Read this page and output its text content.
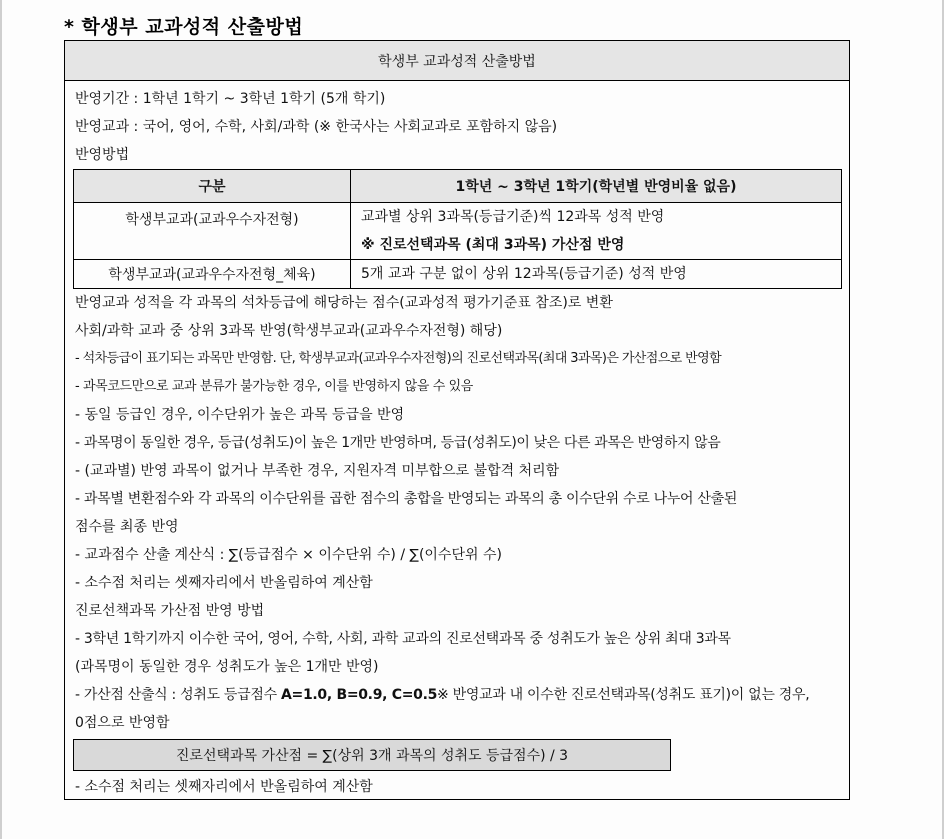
* 학생부 교과성적 산출방법
학생부 교과성적 산출방법
반영기간 : 1학년 1학기 ~ 3학년 1학기 (5개 학기)
반영교과 : 국어, 영어, 수학, 사회/과학 (※ 한국사는 사회교과로 포함하지 않음)
반영방법
구분	1학년 ~ 3학년 1학기(학년별 반영비율 없음)
학생부교과(교과우수자전형)	교과별 상위 3과목(등급기준)씩 12과목 성적 반영
※ 진로선택과목 (최대 3과목) 가산점 반영

학생부교과(교과우수자전형_체육)	5개 교과 구분 없이 상위 12과목(등급기준) 성적 반영
반영교과 성적을 각 과목의 석차등급에 해당하는 점수(교과성적 평가기준표 참조)로 변환
사회/과학 교과 중 상위 3과목 반영(학생부교과(교과우수자전형) 해당)
- 석차등급이 표기되는 과목만 반영함. 단, 학생부교과(교과우수자전형)의 진로선택과목(최대 3과목)은 가산점으로 반영함
- 과목코드만으로 교과 분류가 불가능한 경우, 이를 반영하지 않을 수 있음
- 동일 등급인 경우, 이수단위가 높은 과목 등급을 반영
- 과목명이 동일한 경우, 등급(성취도)이 높은 1개만 반영하며, 등급(성취도)이 낮은 다른 과목은 반영하지 않음
- (교과별) 반영 과목이 없거나 부족한 경우, 지원자격 미부합으로 불합격 처리함
- 과목별 변환점수와 각 과목의 이수단위를 곱한 점수의 총합을 반영되는 과목의 총 이수단위 수로 나누어 산출된
점수를 최종 반영
- 교과점수 산출 계산식 : ∑(등급점수 × 이수단위 수) / ∑(이수단위 수)
- 소수점 처리는 셋째자리에서 반올림하여 계산함
진로선책과목 가산점 반영 방법
- 3학년 1학기까지 이수한 국어, 영어, 수학, 사회, 과학 교과의 진로선택과목 중 성취도가 높은 상위 최대 3과목
(과목명이 동일한 경우 성취도가 높은 1개만 반영)
- 가산점 산출식 : 성취도 등급점수 A=1.0, B=0.9, C=0.5※ 반영교과 내 이수한 진로선택과목(성취도 표기)이 없는 경우,
0점으로 반영함
진로선택과목 가산점 = ∑(상위 3개 과목의 성취도 등급점수) / 3
- 소수점 처리는 셋째자리에서 반올림하여 계산함
